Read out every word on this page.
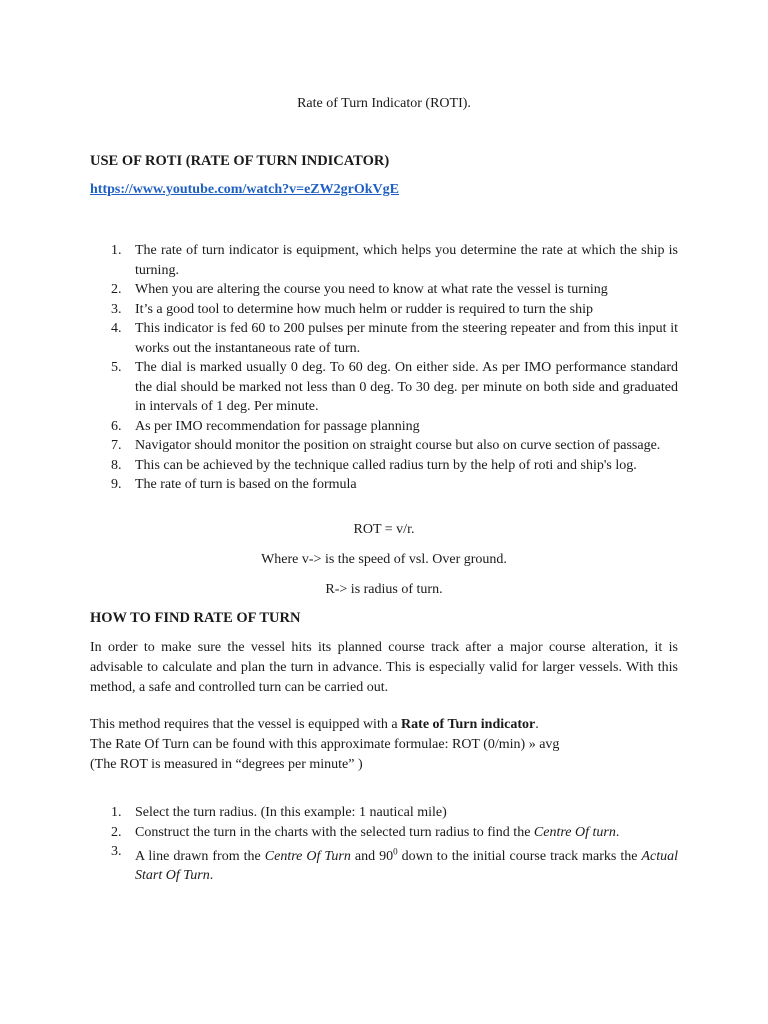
Rate of Turn Indicator (ROTI).
USE OF ROTI (RATE OF TURN INDICATOR)
https://www.youtube.com/watch?v=eZW2grOkVgE
1. The rate of turn indicator is equipment, which helps you determine the rate at which the ship is turning.
2. When you are altering the course you need to know at what rate the vessel is turning
3. It’s a good tool to determine how much helm or rudder is required to turn the ship
4. This indicator is fed 60 to 200 pulses per minute from the steering repeater and from this input it works out the instantaneous rate of turn.
5. The dial is marked usually 0 deg. To 60 deg. On either side. As per IMO performance standard the dial should be marked not less than 0 deg. To 30 deg. per minute on both side and graduated in intervals of 1 deg. Per minute.
6. As per IMO recommendation for passage planning
7. Navigator should monitor the position on straight course but also on curve section of passage.
8. This can be achieved by the technique called radius turn by the help of roti and ship's log.
9. The rate of turn is based on the formula
ROT = v/r.
Where v-> is the speed of vsl. Over ground.
R-> is radius of turn.
HOW TO FIND RATE OF TURN
In order to make sure the vessel hits its planned course track after a major course alteration, it is advisable to calculate and plan the turn in advance. This is especially valid for larger vessels. With this method, a safe and controlled turn can be carried out.
This method requires that the vessel is equipped with a Rate of Turn indicator.
The Rate Of Turn can be found with this approximate formulae: ROT (0/min) » avg
(The ROT is measured in “degrees per minute” )
1. Select the turn radius. (In this example: 1 nautical mile)
2. Construct the turn in the charts with the selected turn radius to find the Centre Of turn.
3. A line drawn from the Centre Of Turn and $90^0$ down to the initial course track marks the Actual Start Of Turn.
